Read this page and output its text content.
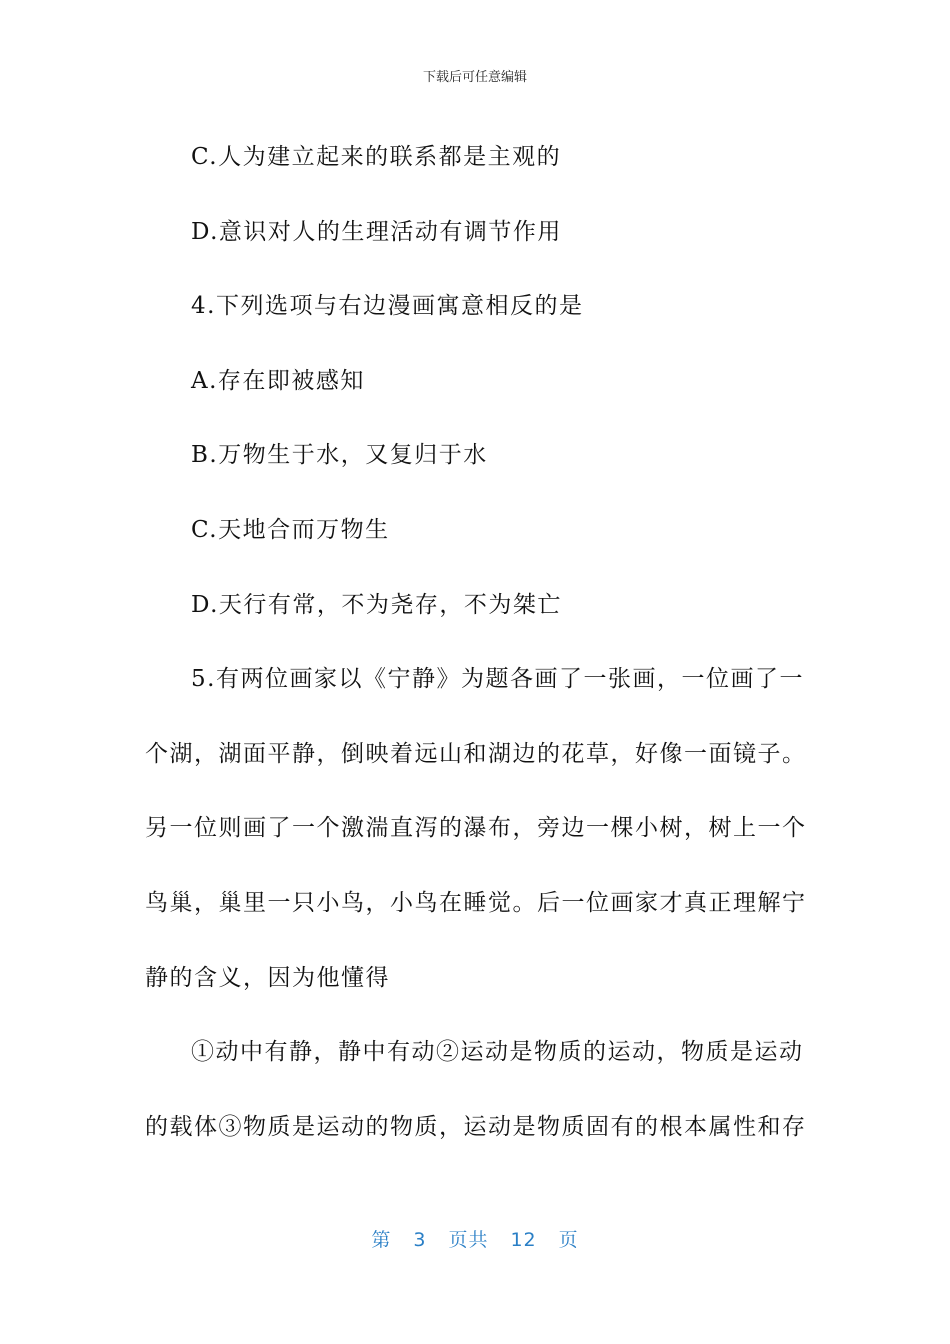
下载后可任意编辑
C.人为建立起来的联系都是主观的
D.意识对人的生理活动有调节作用
4.下列选项与右边漫画寓意相反的是
A.存在即被感知
B.万物生于水，又复归于水
C.天地合而万物生
D.天行有常，不为尧存，不为桀亡
5.有两位画家以《宁静》为题各画了一张画，一位画了一
个湖，湖面平静，倒映着远山和湖边的花草，好像一面镜子。
另一位则画了一个激湍直泻的瀑布，旁边一棵小树，树上一个
鸟巢，巢里一只小鸟，小鸟在睡觉。后一位画家才真正理解宁
静的含义，因为他懂得
①动中有静，静中有动②运动是物质的运动，物质是运动
的载体③物质是运动的物质，运动是物质固有的根本属性和存
第 3 页共 12 页
